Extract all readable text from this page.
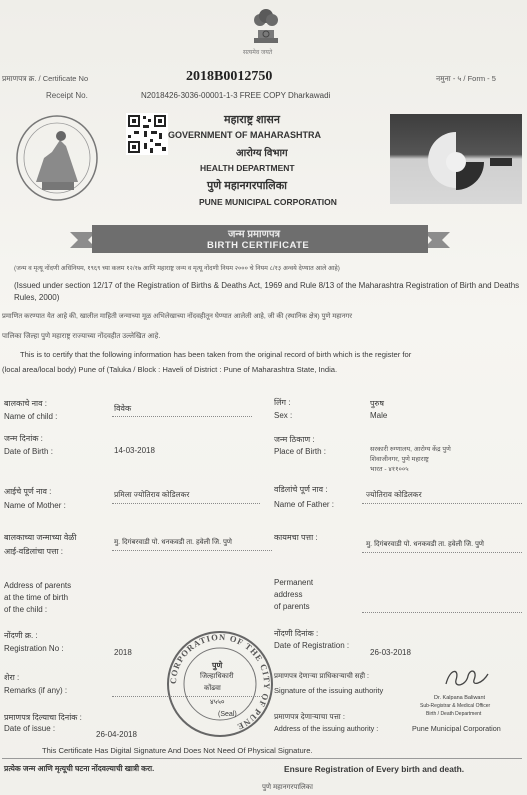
सत्यमेव जयते
प्रमाणपत्र क्र. / Certificate No	2018B0012750	नमुना - ५ / Form - 5
Receipt No.	N2018426-3036-00001-1-3 FREE COPY Dharkawadi
महाराष्ट्र शासन
GOVERNMENT OF MAHARASHTRA
आरोग्य विभाग
HEALTH DEPARTMENT
पुणे महानगरपालिका
PUNE MUNICIPAL CORPORATION
जन्म प्रमाणपत्र
BIRTH CERTIFICATE
(जन्म व मृत्यू नोंदणी अधिनियम, १९६९ च्या कलम १२/१७ आणि महाराष्ट्र जन्म व मृत्यू नोंदणी नियम २००० चे नियम ८/१३ अन्वये देण्यात आले आहे)
(Issued under section 12/17 of the Registration of Births & Deaths Act, 1969 and Rule 8/13 of the Maharashtra Registration of Birth and Deaths Rules, 2000)
प्रमाणित करण्यात येत आहे की, खालील माहिती जन्माच्या मूळ अभिलेखाच्या नोंदवहीतून घेण्यात आलेली आहे, जी की (स्थानिक क्षेत्र) पुणे महानगर
पालिका जिल्हा पुणे महाराष्ट्र राज्याच्या नोंदवहीत उल्लेखित आहे.
This is to certify that the following information has been taken from the original record of birth which is the register for
(local area/local body) Pune of (Taluka / Block : Haveli of District : Pune of Maharashtra State, India.
बालकाचे नाव :
Name of child :
विवेक
लिंग :
Sex :
पुरुष
Male
जन्म दिनांक :
Date of Birth :	14-03-2018
जन्म ठिकाण :
Place of Birth :	सरकारी रुग्णालय, आरोग्य केंद्र पुणे
शिवाजीनगर, पुणे महाराष्ट्र
भारत - ४११००५
आईचे पूर्ण नाव :
Name of Mother :
प्रमिला ज्योतिराव कोडिलकर
वडिलांचे पूर्ण नाव :
Name of Father :
ज्योतिराव कोडिलकर
बालकाच्या जन्माच्या वेळी
आई-वडिलांचा पत्ता :
मु. दिगंबरवाडी पो. धनकवडी ता. हवेली जि. पुणे
कायमचा पत्ता :
मु. दिगंबरवाडी पो. धनकवडी ता. हवेली जि. पुणे
Address of parents
at the time of birth
of the child :
Permanent
address
of parents
नोंदणी क्र. :
Registration No :	2018
नोंदणी दिनांक :
Date of Registration :
26-03-2018
शेरा :
Remarks (if any) :
प्रमाणपत्र देणाऱ्या प्राधिकाऱ्याची सही :
Signature of the issuing authority
Dr. Kalpana Baliwant
Sub-Registrar & Medical Officer
Birth / Death Department
प्रमाणपत्र दिल्याचा दिनांक :
Date of issue :
26-04-2018
प्रमाणपत्र देणाऱ्याचा पत्ता :
Address of the issuing authority :	Pune Municipal Corporation
CORPORATION OF THE CITY OF PUNE
पुणे
जिल्हाधिकारी
कोंढवा
४५५०
(Seal)
This Certificate Has Digital Signature And Does Not Need Of Physical Signature.
प्रत्येक जन्म आणि मृत्यूची घटना नोंदवल्याची खात्री करा.	Ensure Registration of Every birth and death.
पुणे महानगरपालिका
